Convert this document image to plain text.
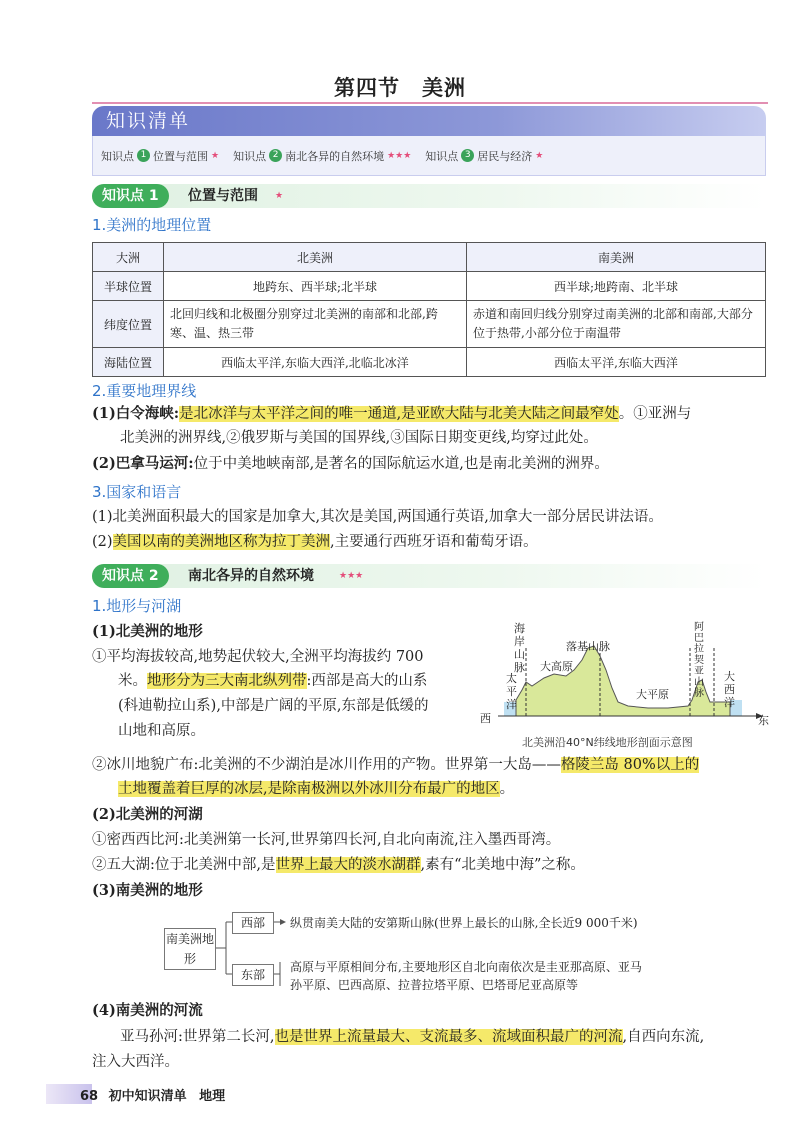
第四节 美洲
知识清单
知识点 1 位置与范围 ★ 知识点 2 南北各异的自然环境 ★★★ 知识点 3 居民与经济 ★
知识点 1	位置与范围 ★
1.美洲的地理位置
大洲	北美洲	南美洲
半球位置	地跨东、西半球;北半球	西半球;地跨南、北半球
纬度位置	北回归线和北极圈分别穿过北美洲的南部和北部,跨寒、温、热三带	赤道和南回归线分别穿过南美洲的北部和南部,大部分位于热带,小部分位于南温带
海陆位置	西临太平洋,东临大西洋,北临北冰洋	西临太平洋,东临大西洋
2.重要地理界线
(1)白令海峡:是北冰洋与太平洋之间的唯一通道,是亚欧大陆与北美大陆之间最窄处。①亚洲与
北美洲的洲界线,②俄罗斯与美国的国界线,③国际日期变更线,均穿过此处。
(2)巴拿马运河:位于中美地峡南部,是著名的国际航运水道,也是南北美洲的洲界。
3.国家和语言
(1)北美洲面积最大的国家是加拿大,其次是美国,两国通行英语,加拿大一部分居民讲法语。
(2)美国以南的美洲地区称为拉丁美洲,主要通行西班牙语和葡萄牙语。
知识点 2	南北各异的自然环境	★★★
1.地形与河湖
(1)北美洲的地形
①平均海拔较高,地势起伏较大,全洲平均海拔约 700
米。地形分为三大南北纵列带:西部是高大的山系
(科迪勒拉山系),中部是广阔的平原,东部是低缓的
山地和高原。
西	东
太平洋
海岸山脉
落基山脉
大高原
大平原
阿巴拉契亚山脉
大西洋
北美洲沿40°N纬线地形剖面示意图
②冰川地貌广布:北美洲的不少湖泊是冰川作用的产物。世界第一大岛——格陵兰岛 80%以上的
土地覆盖着巨厚的冰层,是除南极洲以外冰川分布最广的地区。
(2)北美洲的河湖
①密西西比河:北美洲第一长河,世界第四长河,自北向南流,注入墨西哥湾。
②五大湖:位于北美洲中部,是世界上最大的淡水湖群,素有“北美地中海”之称。
(3)南美洲的地形
南美洲地形
西部
东部
纵贯南美大陆的安第斯山脉(世界上最长的山脉,全长近9 000千米)
高原与平原相间分布,主要地形区自北向南依次是圭亚那高原、亚马
孙平原、巴西高原、拉普拉塔平原、巴塔哥尼亚高原等
(4)南美洲的河流
亚马孙河:世界第二长河,也是世界上流量最大、支流最多、流域面积最广的河流,自西向东流,
注入大西洋。
68 初中知识清单 地理
